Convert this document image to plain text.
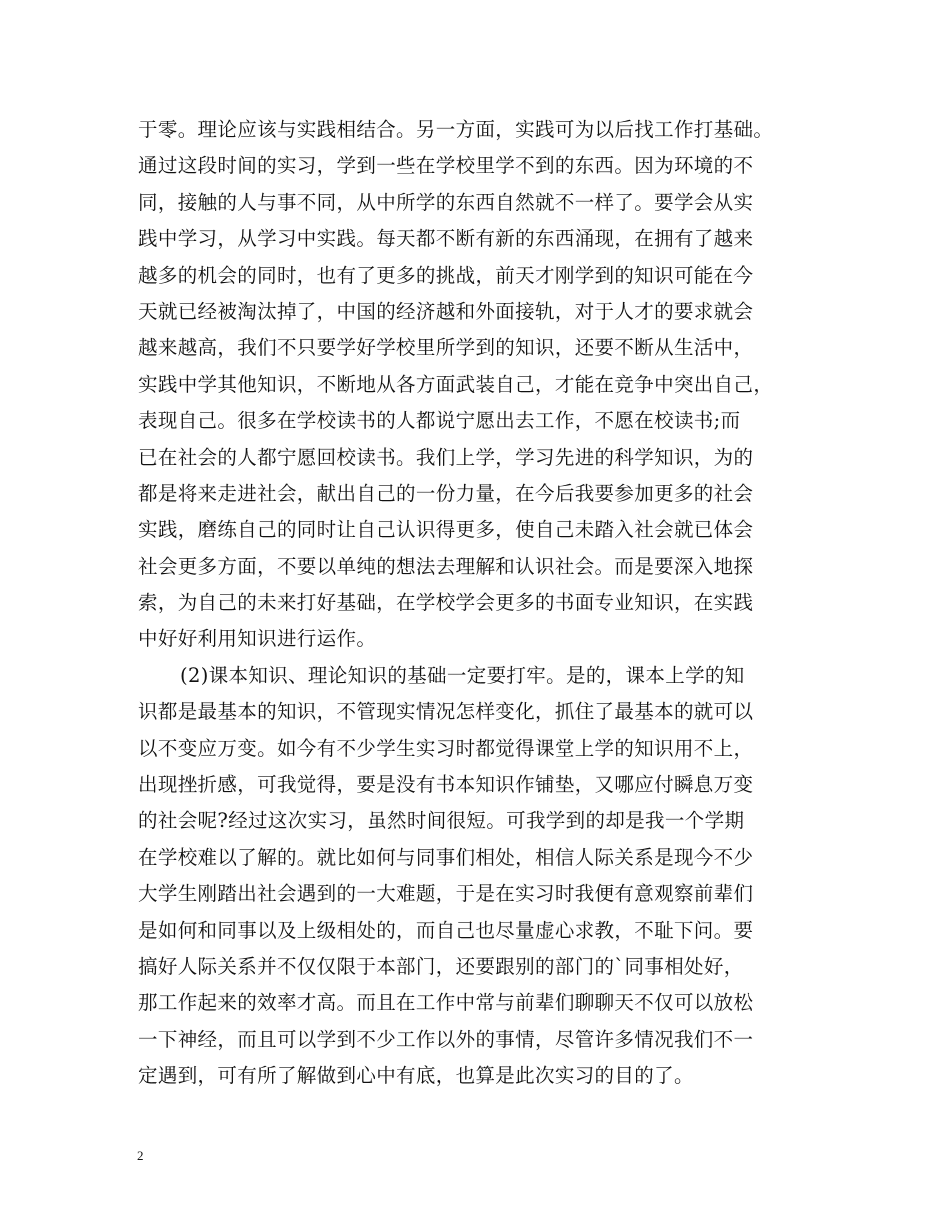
于零。理论应该与实践相结合。另一方面，实践可为以后找工作打基础。
通过这段时间的实习，学到一些在学校里学不到的东西。因为环境的不
同，接触的人与事不同，从中所学的东西自然就不一样了。要学会从实
践中学习，从学习中实践。每天都不断有新的东西涌现，在拥有了越来
越多的机会的同时，也有了更多的挑战，前天才刚学到的知识可能在今
天就已经被淘汰掉了，中国的经济越和外面接轨，对于人才的要求就会
越来越高，我们不只要学好学校里所学到的知识，还要不断从生活中，
实践中学其他知识，不断地从各方面武装自己，才能在竞争中突出自己，
表现自己。很多在学校读书的人都说宁愿出去工作，不愿在校读书;而
已在社会的人都宁愿回校读书。我们上学，学习先进的科学知识，为的
都是将来走进社会，献出自己的一份力量，在今后我要参加更多的社会
实践，磨练自己的同时让自己认识得更多，使自己未踏入社会就已体会
社会更多方面，不要以单纯的想法去理解和认识社会。而是要深入地探
索，为自己的未来打好基础，在学校学会更多的书面专业知识，在实践
中好好利用知识进行运作。
(2)课本知识、理论知识的基础一定要打牢。是的，课本上学的知
识都是最基本的知识，不管现实情况怎样变化，抓住了最基本的就可以
以不变应万变。如今有不少学生实习时都觉得课堂上学的知识用不上，
出现挫折感，可我觉得，要是没有书本知识作铺垫，又哪应付瞬息万变
的社会呢?经过这次实习，虽然时间很短。可我学到的却是我一个学期
在学校难以了解的。就比如何与同事们相处，相信人际关系是现今不少
大学生刚踏出社会遇到的一大难题，于是在实习时我便有意观察前辈们
是如何和同事以及上级相处的，而自己也尽量虚心求教，不耻下问。要
搞好人际关系并不仅仅限于本部门，还要跟别的部门的`同事相处好，
那工作起来的效率才高。而且在工作中常与前辈们聊聊天不仅可以放松
一下神经，而且可以学到不少工作以外的事情，尽管许多情况我们不一
定遇到，可有所了解做到心中有底，也算是此次实习的目的了。
2
